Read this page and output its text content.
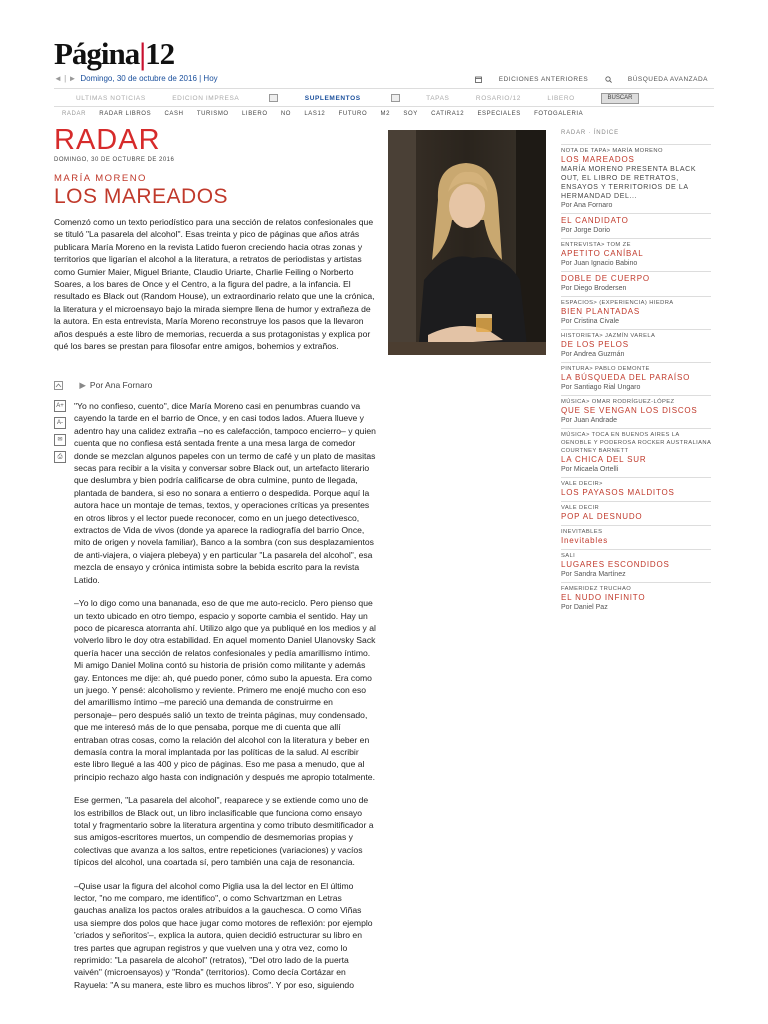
Página|12
◄ | ► Domingo, 30 de octubre de 2016 | Hoy	EDICIONES ANTERIORES	BÚSQUEDA AVANZADA
ULTIMAS NOTICIAS	EDICION IMPRESA	SUPLEMENTOS	TAPAS	ROSARIO/12	LIBERO	BUSCAR
RADAR RADAR LIBROS CASH TURISMO LIBERO NO LAS12 FUTURO M2 SOY CATIRA12 ESPECIALES FOTOGALERIA
RADAR
DOMINGO, 30 DE OCTUBRE DE 2016
MARÍA MORENO
LOS MAREADOS
Comenzó como un texto periodístico para una sección de relatos confesionales que se tituló "La pasarela del alcohol". Esas treinta y pico de páginas que años atrás publicara María Moreno en la revista Latido fueron creciendo hacia otras zonas y territorios que ligarían el alcohol a la literatura, a retratos de periodistas y artistas como Gumier Maier, Miguel Briante, Claudio Uriarte, Charlie Feiling o Norberto Soares, a los bares de Once y el Centro, a la figura del padre, a la infancia. El resultado es Black out (Random House), un extraordinario relato que une la crónica, la literatura y el microensayo bajo la mirada siempre llena de humor y extrañeza de la autora. En esta entrevista, María Moreno reconstruye los pasos que la llevaron años después a este libro de memorias, recuerda a sus protagonistas y explica por qué los bares se prestan para filosofar entre amigos, bohemios y extraños.
▶ Por Ana Fornaro
A+
A-
✉
⎙

"Yo no confieso, cuento", dice María Moreno casi en penumbras cuando va cayendo la tarde en el barrio de Once, y en casi todos lados. Afuera llueve y adentro hay una calidez extraña –no es calefacción, tampoco encierro– y quien cuenta que no confiesa está sentada frente a una mesa larga de comedor donde se mezclan algunos papeles con un termo de café y un plato de masitas secas para recibir a la visita y conversar sobre Black out, un artefacto literario que deslumbra y bien podría calificarse de obra culmine, punto de llegada, plantada de bandera, si eso no sonara a entierro o despedida. Porque aquí la autora hace un montaje de temas, textos, y operaciones críticas ya presentes en otros libros y el lector puede reconocer, como en un juego detectivesco, extractos de Vida de vivos (donde ya aparece la radiografía del barrio Once, mito de origen y novela familiar), Banco a la sombra (con sus desplazamientos de anti-viajera, o viajera plebeya) y en particular "La pasarela del alcohol", esa mezcla de ensayo y crónica intimista sobre la bebida escrito para la revista Latido.

–Yo lo digo como una bananada, eso de que me auto-reciclo. Pero pienso que un texto ubicado en otro tiempo, espacio y soporte cambia el sentido. Hay un poco de picaresca atorranta ahí. Utilizo algo que ya publiqué en los medios y al volverlo libro le doy otra estabilidad. En aquel momento Daniel Ulanovsky Sack quería hacer una sección de relatos confesionales y pedía amarillismo íntimo. Mi amigo Daniel Molina contó su historia de prisión como militante y además gay. Entonces me dije: ah, qué puedo poner, cómo subo la apuesta. Era como un juego. Y pensé: alcoholismo y reviente. Primero me enojé mucho con eso del amarillismo íntimo –me pareció una demanda de construirme en personaje– pero después salió un texto de treinta páginas, muy condensado, que me interesó más de lo que pensaba, porque me di cuenta que allí entraban otras cosas, como la relación del alcohol con la literatura y beber en demasía contra la moral implantada por las políticas de la salud. Al escribir este libro llegué a las 400 y pico de páginas. Eso me pasa a menudo, que al principio rechazo algo hasta con indignación y después me apropio totalmente.

Ese germen, "La pasarela del alcohol", reaparece y se extiende como uno de los estribillos de Black out, un libro inclasificable que funciona como ensayo total y fragmentario sobre la literatura argentina y como tributo desmitificador a sus amigos-escritores muertos, un compendio de desmemorias propias y colectivas que avanza a los saltos, entre repeticiones (variaciones) y vacíos típicos del alcohol, una coartada sí, pero también una caja de resonancia.

–Quise usar la figura del alcohol como Piglia usa la del lector en El último lector, "no me comparo, me identifico", o como Schvartzman en Letras gauchas analiza los pactos orales atribuidos a la gauchesca. O como Viñas usa siempre dos polos que hace jugar como motores de reflexión: por ejemplo 'criados y señoritos'–, explica la autora, quien decidió estructurar su libro en tres partes que agrupan registros y que vuelven una y otra vez, como lo reprimido: "La pasarela de alcohol" (retratos), "Del otro lado de la puerta vaivén" (microensayos) y "Ronda" (territorios). Como decía Cortázar en Rayuela: "A su manera, este libro es muchos libros". Y por eso, siguiendo

RADAR · ÍNDICE
NOTA DE TAPA> MARÍA MORENO
LOS MAREADOS
MARÍA MORENO PRESENTA BLACK OUT, EL LIBRO DE RETRATOS, ENSAYOS Y TERRITORIOS DE LA HERMANDAD DEL...
Por Ana Fornaro
EL CANDIDATO
Por Jorge Dorio
ENTREVISTA> TOM ZE
APETITO CANÍBAL
Por Juan Ignacio Babino
DOBLE DE CUERPO
Por Diego Brodersen
ESPACIOS> (EXPERIENCIA) HIEDRA
BIEN PLANTADAS
Por Cristina Civale
HISTORIETA> JAZMÍN VARELA
DE LOS PELOS
Por Andrea Guzmán
PINTURA> PABLO DEMONTE
LA BÚSQUEDA DEL PARAÍSO
Por Santiago Rial Ungaro
MÚSICA> OMAR RODRÍGUEZ-LÓPEZ
QUE SE VENGAN LOS DISCOS
Por Juan Andrade
MÚSICA> TOCA EN BUENOS AIRES LA OENOBLE Y PODEROSA ROCKER AUSTRALIANA COURTNEY BARNETT
LA CHICA DEL SUR
Por Micaela Ortelli
VALE DECIR>
LOS PAYASOS MALDITOS
VALE DECIR
POP AL DESNUDO
INEVITABLES
Inevitables
SALI
LUGARES ESCONDIDOS
Por Sandra Martínez
FAMERIDEZ TRUCHAO
EL NUDO INFINITO
Por Daniel Paz
